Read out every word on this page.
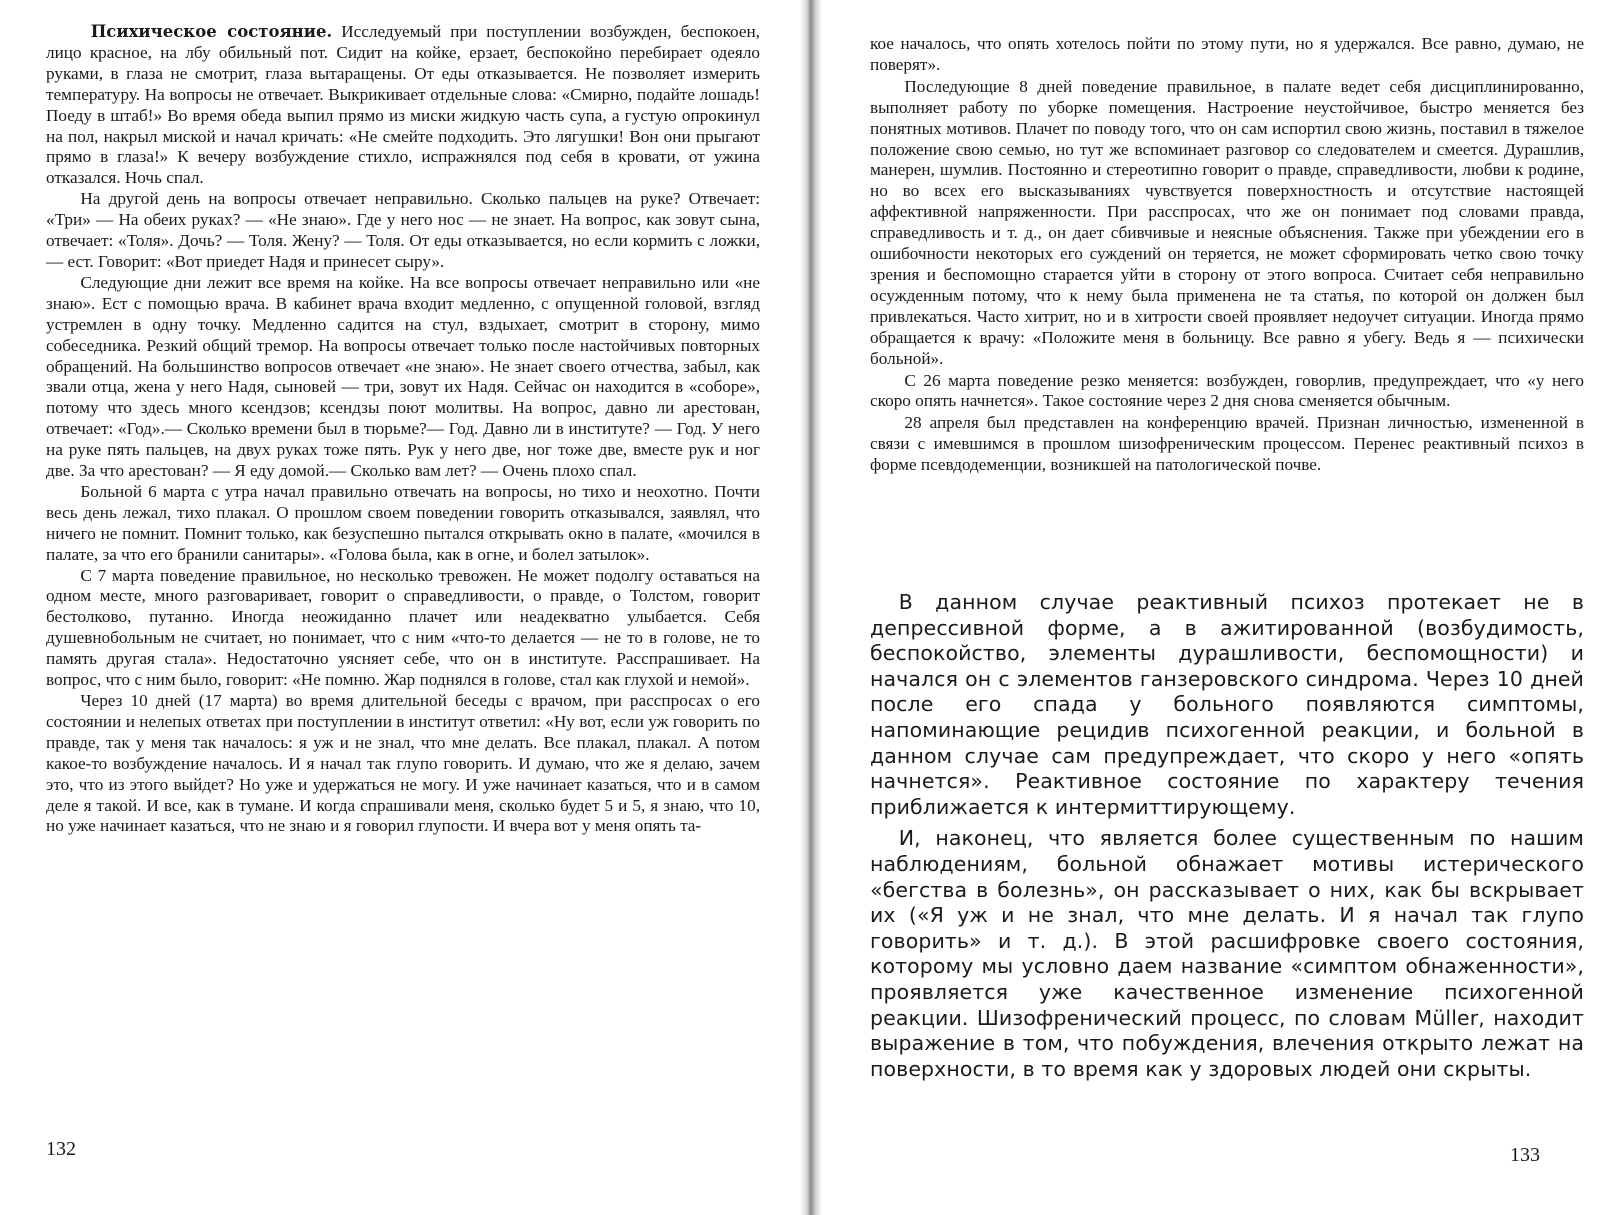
Психическое состояние. Исследуемый при поступлении возбужден, беспокоен, лицо красное, на лбу обильный пот. Сидит на койке, ерзает, беспокойно перебирает одеяло руками, в глаза не смотрит, глаза вытаращены. От еды отказывается. Не позволяет измерить температуру. На вопросы не отвечает. Выкрикивает отдельные слова: «Смирно, подайте лошадь! Поеду в штаб!» Во время обеда выпил прямо из миски жидкую часть супа, а густую опрокинул на пол, накрыл миской и начал кричать: «Не смейте подходить. Это лягушки! Вон они прыгают прямо в глаза!» К вечеру возбуждение стихло, испражнялся под себя в кровати, от ужина отказался. Ночь спал.

На другой день на вопросы отвечает неправильно. Сколько пальцев на руке? Отвечает: «Три» — На обеих руках? — «Не знаю». Где у него нос — не знает. На вопрос, как зовут сына, отвечает: «Толя». Дочь? — Толя. Жену? — Толя. От еды отказывается, но если кормить с ложки,— ест. Говорит: «Вот приедет Надя и принесет сыру».

Следующие дни лежит все время на койке. На все вопросы отвечает неправильно или «не знаю». Ест с помощью врача. В кабинет врача входит медленно, с опущенной головой, взгляд устремлен в одну точку. Медленно садится на стул, вздыхает, смотрит в сторону, мимо собеседника. Резкий общий тремор. На вопросы отвечает только после настойчивых повторных обращений. На большинство вопросов отвечает «не знаю». Не знает своего отчества, забыл, как звали отца, жена у него Надя, сыновей — три, зовут их Надя. Сейчас он находится в «соборе», потому что здесь много ксендзов; ксендзы поют молитвы. На вопрос, давно ли арестован, отвечает: «Год».— Сколько времени был в тюрьме?— Год. Давно ли в институте? — Год. У него на руке пять пальцев, на двух руках тоже пять. Рук у него две, ног тоже две, вместе рук и ног две. За что арестован? — Я еду домой.— Сколько вам лет? — Очень плохо спал.

Больной 6 марта с утра начал правильно отвечать на вопросы, но тихо и неохотно. Почти весь день лежал, тихо плакал. О прошлом своем поведении говорить отказывался, заявлял, что ничего не помнит. Помнит только, как безуспешно пытался открывать окно в палате, «мочился в палате, за что его бранили санитары». «Голова была, как в огне, и болел затылок».

С 7 марта поведение правильное, но несколько тревожен. Не может подолгу оставаться на одном месте, много разговаривает, говорит о справедливости, о правде, о Толстом, говорит бестолково, путанно. Иногда неожиданно плачет или неадекватно улыбается. Себя душевнобольным не считает, но понимает, что с ним «что-то делается — не то в голове, не то память другая стала». Недостаточно уясняет себе, что он в институте. Расспрашивает. На вопрос, что с ним было, говорит: «Не помню. Жар поднялся в голове, стал как глухой и немой».

Через 10 дней (17 марта) во время длительной беседы с врачом, при расспросах о его состоянии и нелепых ответах при поступлении в институт ответил: «Ну вот, если уж говорить по правде, так у меня так началось: я уж и не знал, что мне делать. Все плакал, плакал. А потом какое-то возбуждение началось. И я начал так глупо говорить. И думаю, что же я делаю, зачем это, что из этого выйдет? Но уже и удержаться не могу. И уже начинает казаться, что и в самом деле я такой. И все, как в тумане. И когда спрашивали меня, сколько будет 5 и 5, я знаю, что 10, но уже начинает казаться, что не знаю и я говорил глупости. И вчера вот у меня опять та-

132

кое началось, что опять хотелось пойти по этому пути, но я удержался. Все равно, думаю, не поверят».

Последующие 8 дней поведение правильное, в палате ведет себя дисциплинированно, выполняет работу по уборке помещения. Настроение неустойчивое, быстро меняется без понятных мотивов. Плачет по поводу того, что он сам испортил свою жизнь, поставил в тяжелое положение свою семью, но тут же вспоминает разговор со следователем и смеется. Дурашлив, манерен, шумлив. Постоянно и стереотипно говорит о правде, справедливости, любви к родине, но во всех его высказываниях чувствуется поверхностность и отсутствие настоящей аффективной напряженности. При расспросах, что же он понимает под словами правда, справедливость и т. д., он дает сбивчивые и неясные объяснения. Также при убеждении его в ошибочности некоторых его суждений он теряется, не может сформировать четко свою точку зрения и беспомощно старается уйти в сторону от этого вопроса. Считает себя неправильно осужденным потому, что к нему была применена не та статья, по которой он должен был привлекаться. Часто хитрит, но и в хитрости своей проявляет недоучет ситуации. Иногда прямо обращается к врачу: «Положите меня в больницу. Все равно я убегу. Ведь я — психически больной».

С 26 марта поведение резко меняется: возбужден, говорлив, предупреждает, что «у него скоро опять начнется». Такое состояние через 2 дня снова сменяется обычным.

28 апреля был представлен на конференцию врачей. Признан личностью, измененной в связи с имевшимся в прошлом шизофреническим процессом. Перенес реактивный психоз в форме псевдодеменции, возникшей на патологической почве.

В данном случае реактивный психоз протекает не в депрессивной форме, а в ажитированной (возбудимость, беспокойство, элементы дурашливости, беспомощности) и начался он с элементов ганзеровского синдрома. Через 10 дней после его спада у больного появляются симптомы, напоминающие рецидив психогенной реакции, и больной в данном случае сам предупреждает, что скоро у него «опять начнется». Реактивное состояние по характеру течения приближается к интермиттирующему.

И, наконец, что является более существенным по нашим наблюдениям, больной обнажает мотивы истерического «бегства в болезнь», он рассказывает о них, как бы вскрывает их («Я уж и не знал, что мне делать. И я начал так глупо говорить» и т. д.). В этой расшифровке своего состояния, которому мы условно даем название «симптом обнаженности», проявляется уже качественное изменение психогенной реакции. Шизофренический процесс, по словам Müller, находит выражение в том, что побуждения, влечения открыто лежат на поверхности, в то время как у здоровых людей они скрыты.

133
